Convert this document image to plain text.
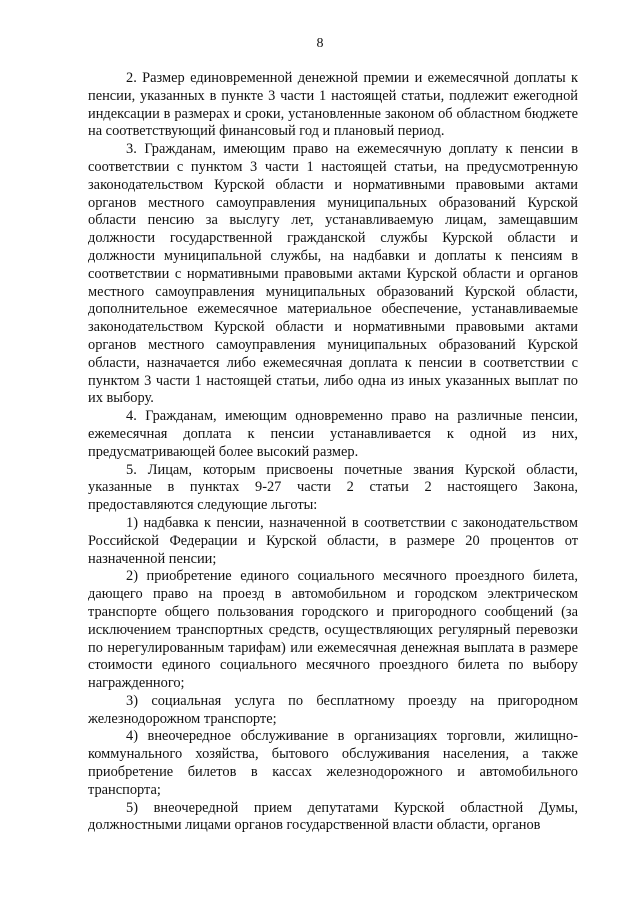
8

2. Размер единовременной денежной премии и ежемесячной доплаты к пенсии, указанных в пункте 3 части 1 настоящей статьи, подлежит ежегодной индексации в размерах и сроки, установленные законом об областном бюджете на соответствующий финансовый год и плановый период.

3. Гражданам, имеющим право на ежемесячную доплату к пенсии в соответствии с пунктом 3 части 1 настоящей статьи, на предусмотренную законодательством Курской области и нормативными правовыми актами органов местного самоуправления муниципальных образований Курской области пенсию за выслугу лет, устанавливаемую лицам, замещавшим должности государственной гражданской службы Курской области и должности муниципальной службы, на надбавки и доплаты к пенсиям в соответствии с нормативными правовыми актами Курской области и органов местного самоуправления муниципальных образований Курской области, дополнительное ежемесячное материальное обеспечение, устанавливаемые законодательством Курской области и нормативными правовыми актами органов местного самоуправления муниципальных образований Курской области, назначается либо ежемесячная доплата к пенсии в соответствии с пунктом 3 части 1 настоящей статьи, либо одна из иных указанных выплат по их выбору.

4. Гражданам, имеющим одновременно право на различные пенсии, ежемесячная доплата к пенсии устанавливается к одной из них, предусматривающей более высокий размер.

5. Лицам, которым присвоены почетные звания Курской области, указанные в пунктах 9-27 части 2 статьи 2 настоящего Закона, предоставляются следующие льготы:

1) надбавка к пенсии, назначенной в соответствии с законодательством Российской Федерации и Курской области, в размере 20 процентов от назначенной пенсии;

2) приобретение единого социального месячного проездного билета, дающего право на проезд в автомобильном и городском электрическом транспорте общего пользования городского и пригородного сообщений (за исключением транспортных средств, осуществляющих регулярный перевозки по нерегулированным тарифам) или ежемесячная денежная выплата в размере стоимости единого социального месячного проездного билета по выбору награжденного;

3) социальная услуга по бесплатному проезду на пригородном железнодорожном транспорте;

4) внеочередное обслуживание в организациях торговли, жилищно-коммунального хозяйства, бытового обслуживания населения, а также приобретение билетов в кассах железнодорожного и автомобильного транспорта;

5) внеочередной прием депутатами Курской областной Думы, должностными лицами органов государственной власти области, органов
